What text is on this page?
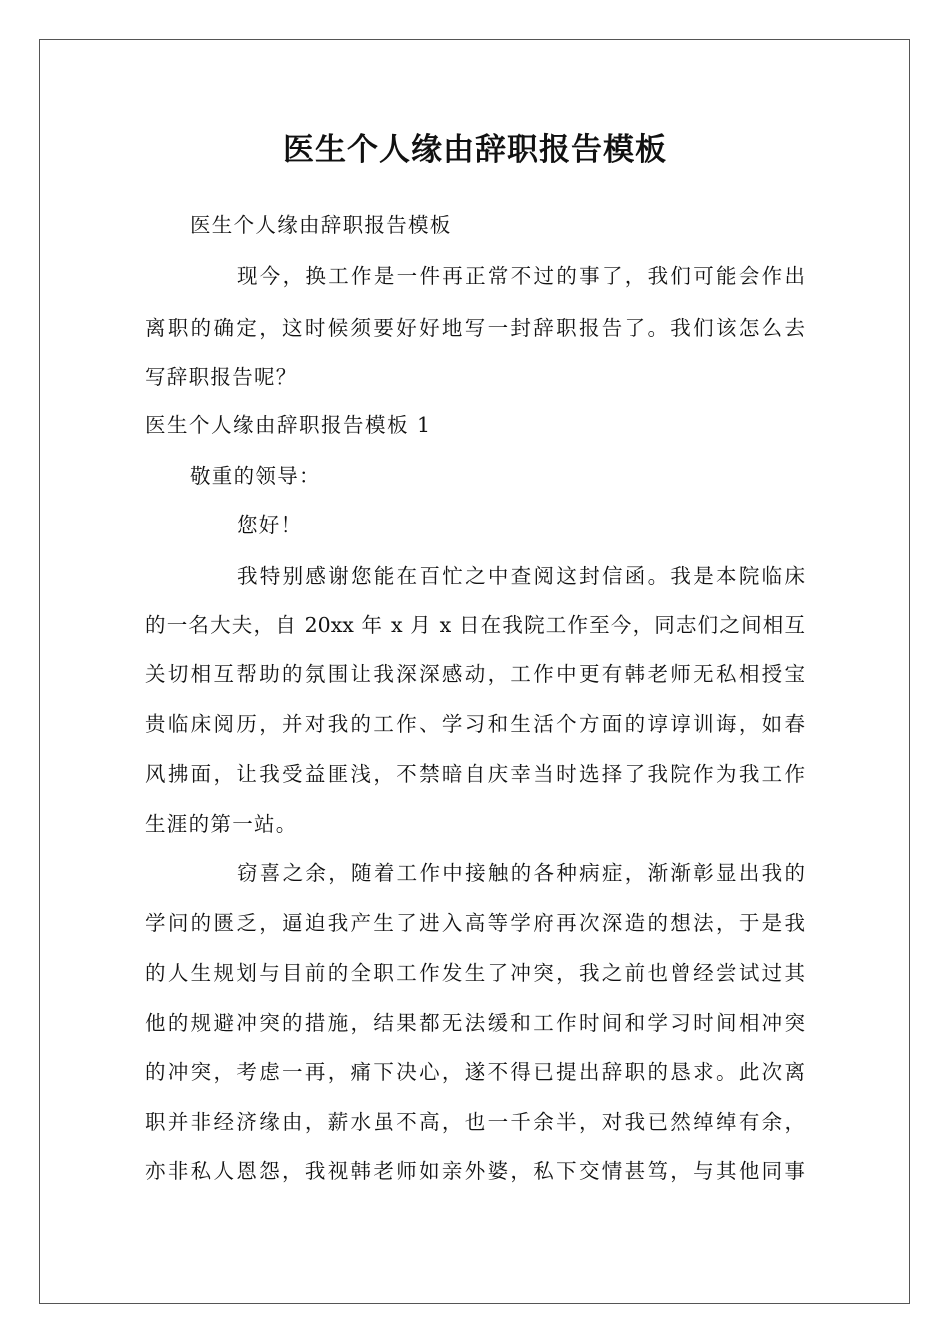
医生个人缘由辞职报告模板
医生个人缘由辞职报告模板
现今，换工作是一件再正常不过的事了，我们可能会作出
离职的确定，这时候须要好好地写一封辞职报告了。我们该怎么去
写辞职报告呢？
医生个人缘由辞职报告模板 1
敬重的领导：
您好！
我特别感谢您能在百忙之中查阅这封信函。我是本院临床
的一名大夫，自 20xx 年 x 月 x 日在我院工作至今，同志们之间相互
关切相互帮助的氛围让我深深感动，工作中更有韩老师无私相授宝
贵临床阅历，并对我的工作、学习和生活个方面的谆谆训诲，如春
风拂面，让我受益匪浅，不禁暗自庆幸当时选择了我院作为我工作
生涯的第一站。
窃喜之余，随着工作中接触的各种病症，渐渐彰显出我的
学问的匮乏，逼迫我产生了进入高等学府再次深造的想法，于是我
的人生规划与目前的全职工作发生了冲突，我之前也曾经尝试过其
他的规避冲突的措施，结果都无法缓和工作时间和学习时间相冲突
的冲突，考虑一再，痛下决心，遂不得已提出辞职的恳求。此次离
职并非经济缘由，薪水虽不高，也一千余半，对我已然绰绰有余，
亦非私人恩怨，我视韩老师如亲外婆，私下交情甚笃，与其他同事
